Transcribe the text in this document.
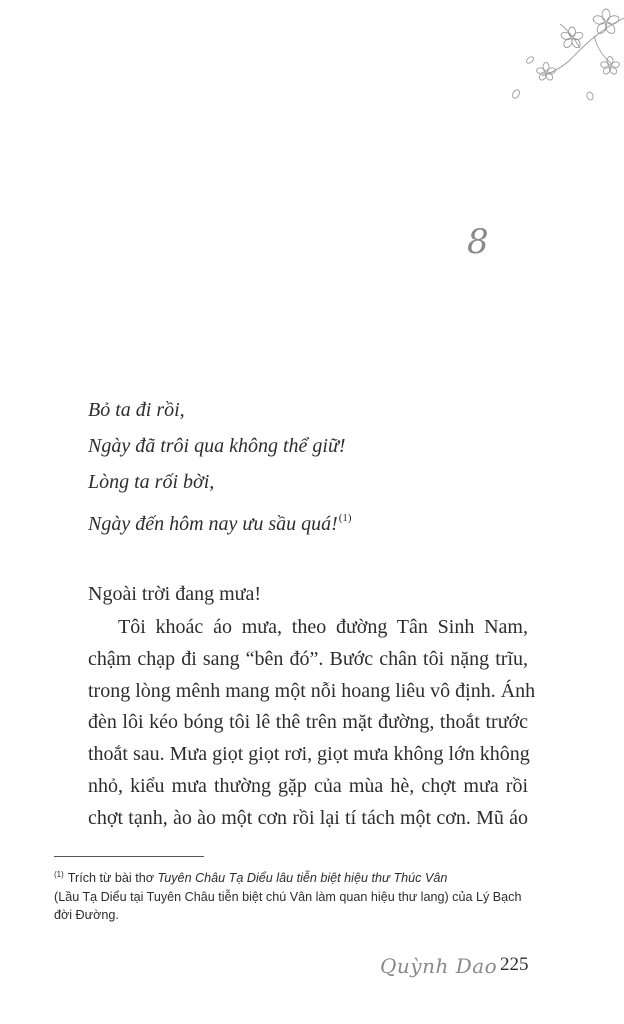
8
Bỏ ta đi rồi,
Ngày đã trôi qua không thể giữ!
Lòng ta rối bời,
Ngày đến hôm nay ưu sầu quá!$^{(1)}$
Ngoài trời đang mưa!
Tôi khoác áo mưa, theo đường Tân Sinh Nam,
chậm chạp đi sang “bên đó”. Bước chân tôi nặng trĩu,
trong lòng mênh mang một nỗi hoang liêu vô định. Ánh
đèn lôi kéo bóng tôi lê thê trên mặt đường, thoắt trước
thoắt sau. Mưa giọt giọt rơi, giọt mưa không lớn không
nhỏ, kiểu mưa thường gặp của mùa hè, chợt mưa rồi
chợt tạnh, ào ào một cơn rồi lại tí tách một cơn. Mũ áo
$^{(1)}$ Trích từ bài thơ Tuyên Châu Tạ Diểu lâu tiễn biệt hiệu thư Thúc Vân
(Lầu Tạ Diểu tại Tuyên Châu tiễn biệt chú Vân làm quan hiệu thư lang) của Lý Bạch đời Đường.
Quỳnh Dao 225
